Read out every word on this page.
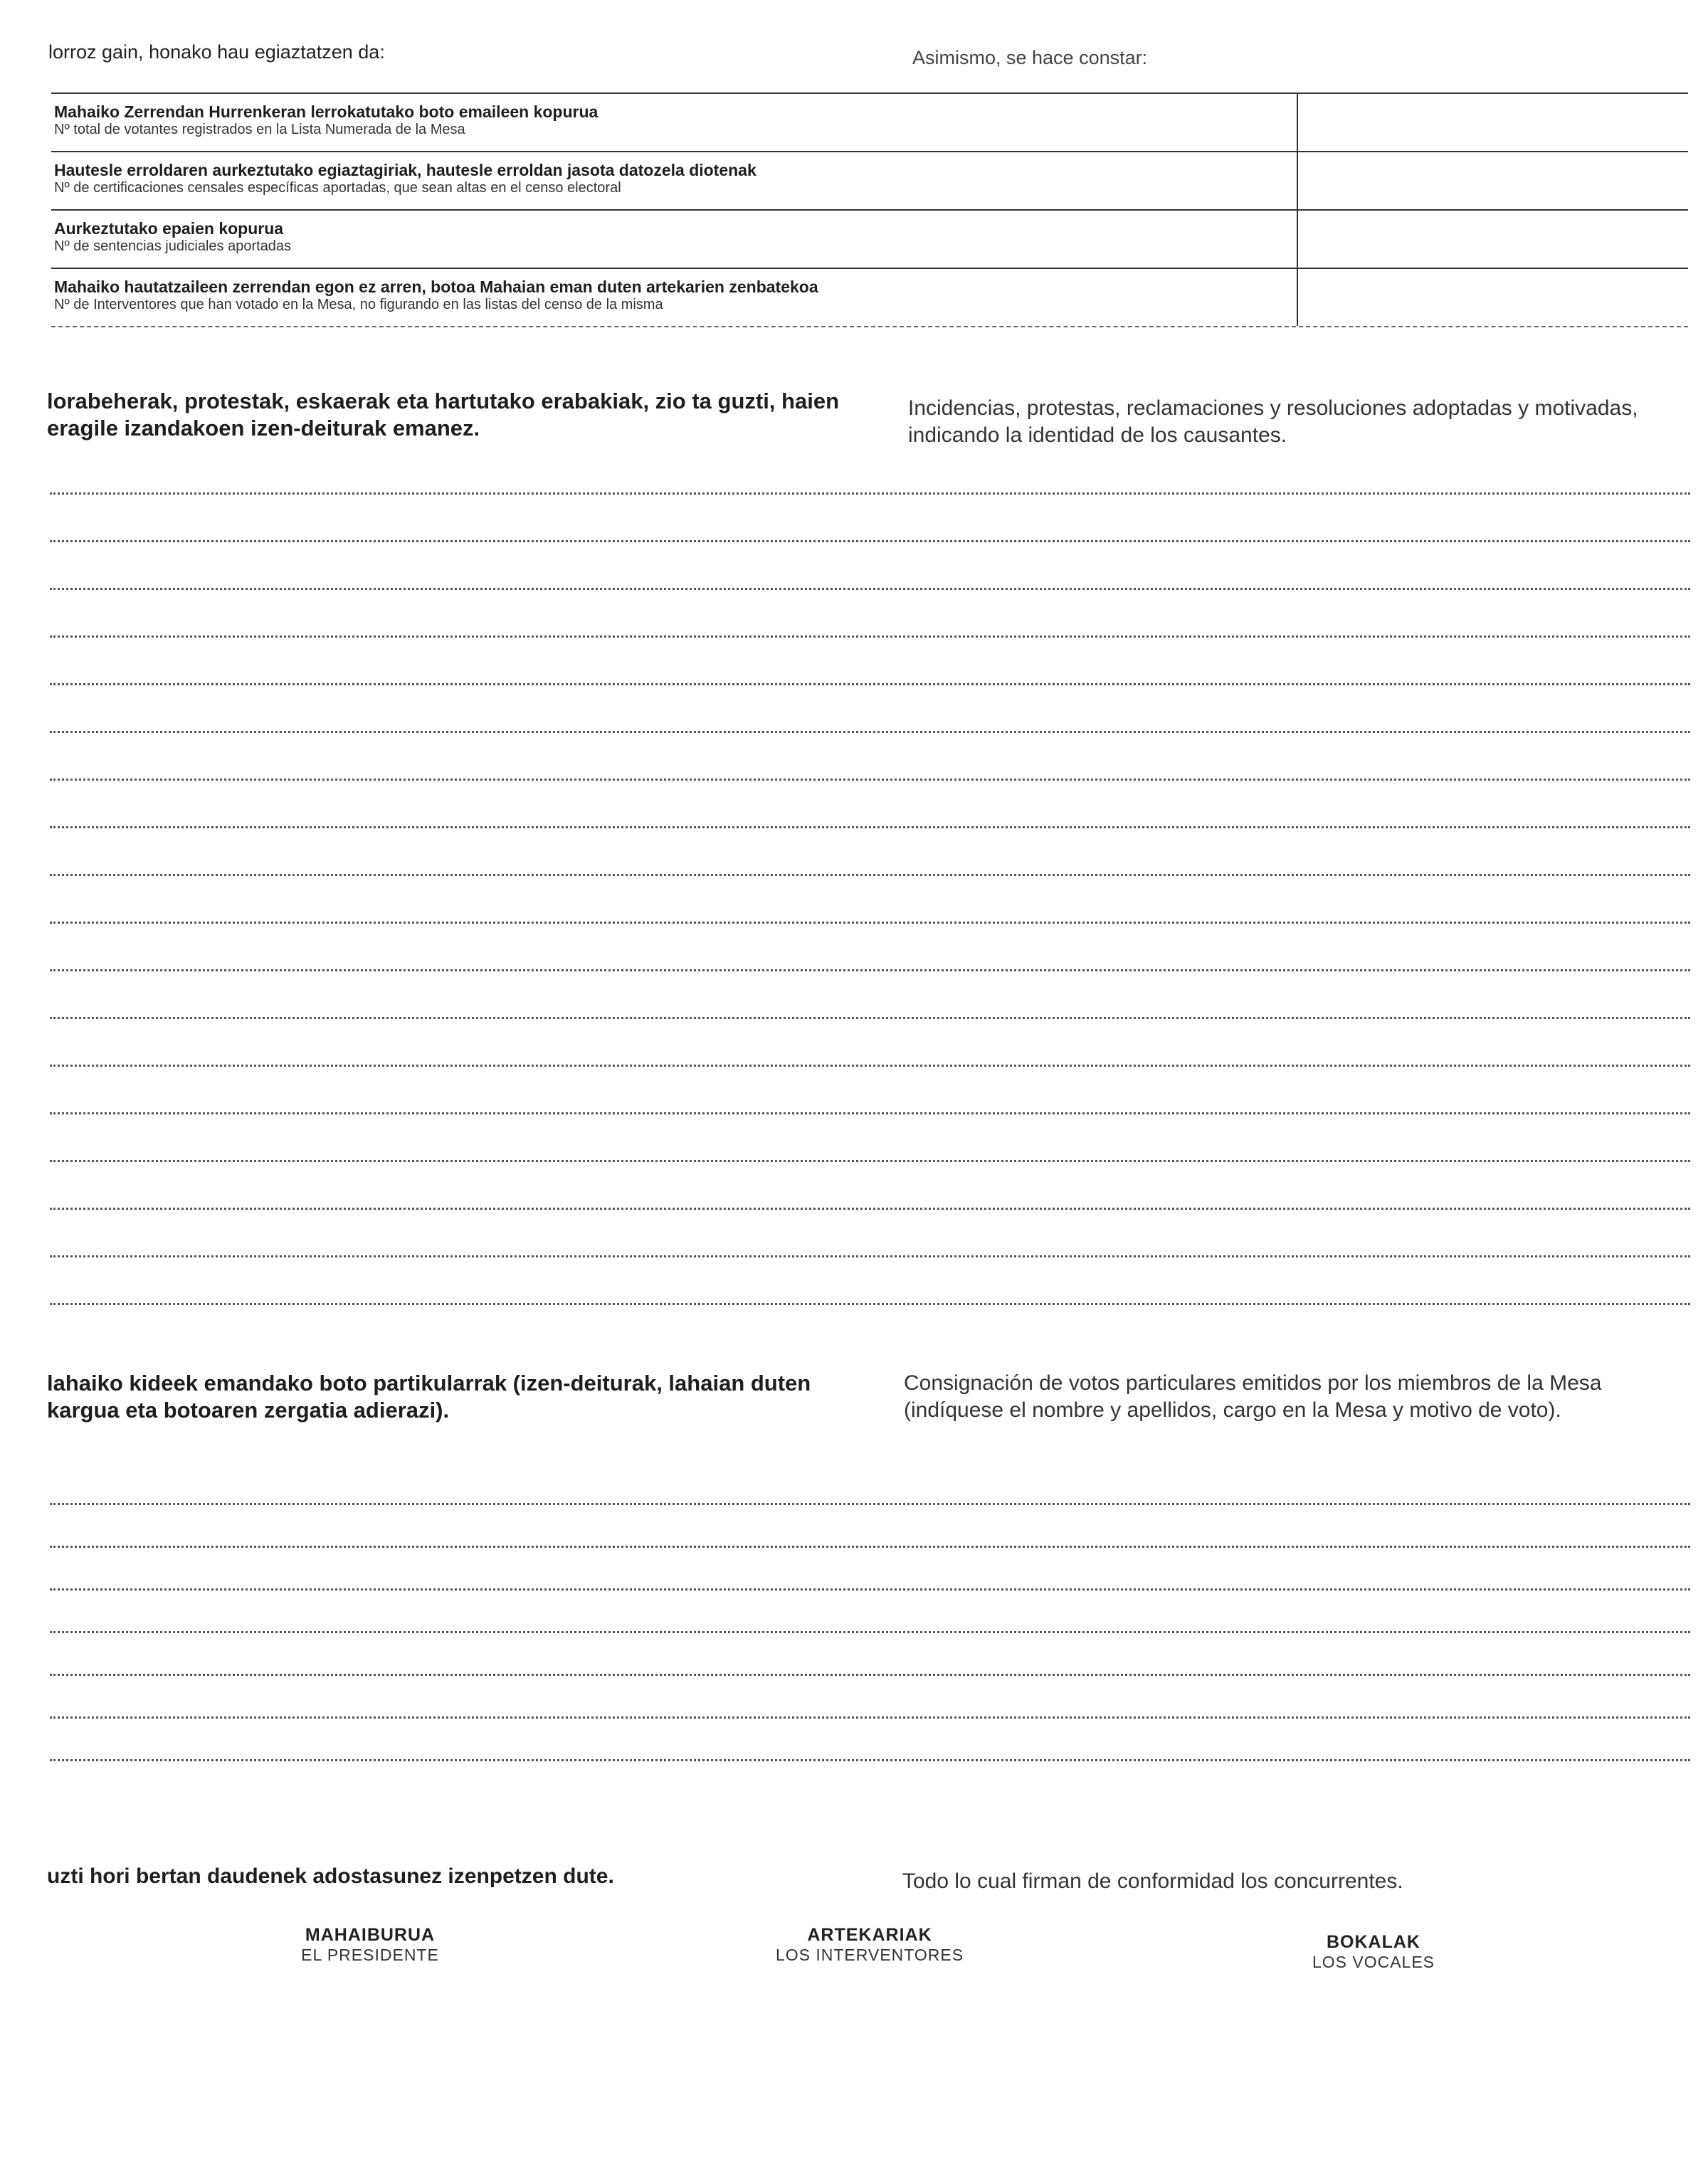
lorroz gain, honako hau egiaztatzen da:	Asimismo, se hace constar:
Mahaiko Zerrendan Hurrenkeran lerrokatutako boto emaileen kopurua
Nº total de votantes registrados en la Lista Numerada de la Mesa
Hautesle erroldaren aurkeztutako egiaztagiriak, hautesle erroldan jasota datozela diotenak
Nº de certificaciones censales específicas aportadas, que sean altas en el censo electoral
Aurkeztutako epaien kopurua
Nº de sentencias judiciales aportadas
Mahaiko hautatzaileen zerrendan egon ez arren, botoa Mahaian eman duten artekarien zenbatekoa
Nº de Interventores que han votado en la Mesa, no figurando en las listas del censo de la misma
lorabeherak, protestak, eskaerak eta hartutako erabakiak, zio ta guzti, haien eragile izandakoen izen-deiturak emanez.
Incidencias, protestas, reclamaciones y resoluciones adoptadas y motivadas, indicando la identidad de los causantes.
lahaiko kideek emandako boto partikularrak (izen-deiturak, lahaian duten kargua eta botoaren zergatia adierazi).
Consignación de votos particulares emitidos por los miembros de la Mesa (indíquese el nombre y apellidos, cargo en la Mesa y motivo de voto).
uzti hori bertan daudenek adostasunez izenpetzen dute.	Todo lo cual firman de conformidad los concurrentes.
MAHAIBURUA
EL PRESIDENTE
ARTEKARIAK
LOS INTERVENTORES
BOKALAK
LOS VOCALES
